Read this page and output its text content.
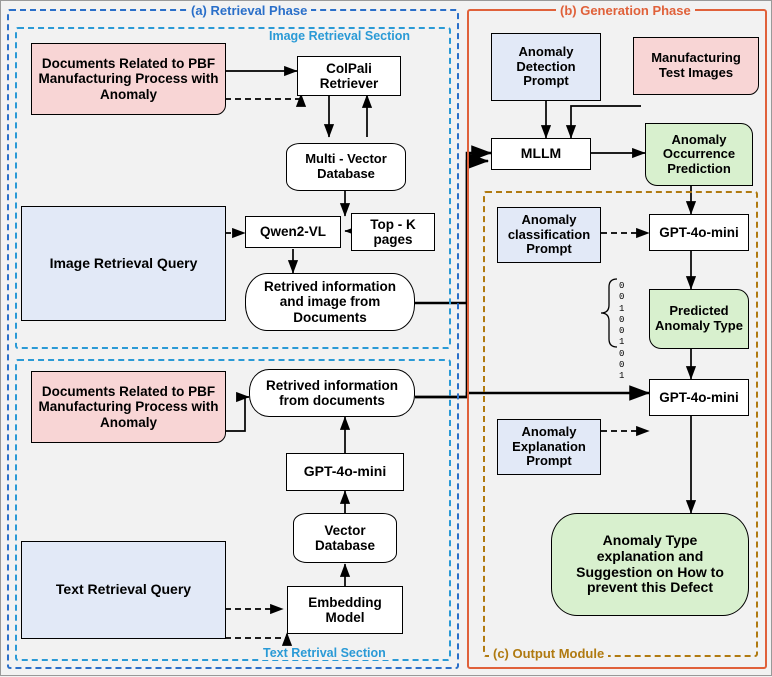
(a) Retrieval Phase	(b) Generation Phase
(c) Output Module
Image Retrieval Section
Text Retrival Section
0 0 1 0 0 1 0 0 1
Documents Related to PBF Manufacturing Process with Anomaly
ColPali Retriever
Multi - Vector Database
Qwen2-VL
Top - K pages
Image Retrieval Query
Retrived information and image from Documents
Documents Related to PBF Manufacturing Process with Anomaly
Retrived information from documents
GPT-4o-mini
Vector Database
Text Retrieval Query
Embedding Model
Anomaly Detection Prompt
Manufacturing Test Images
MLLM
Anomaly Occurrence Prediction
Anomaly classification Prompt
GPT-4o-mini
Predicted Anomaly Type
Anomaly Explanation Prompt
GPT-4o-mini
Anomaly Type explanation and Suggestion on How to prevent this Defect
